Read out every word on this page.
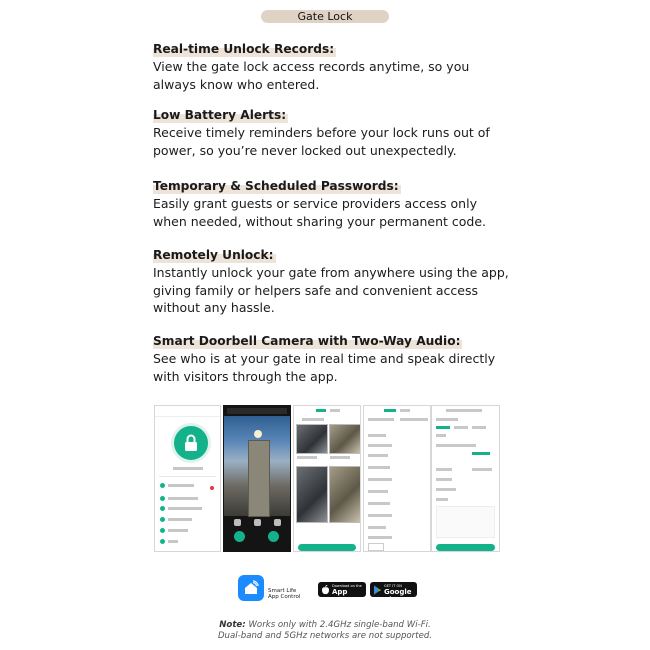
Gate Lock
Real-time Unlock Records:
View the gate lock access records anytime, so you always know who entered.
Low Battery Alerts:
Receive timely reminders before your lock runs out of power, so you’re never locked out unexpectedly.
Temporary & Scheduled Passwords:
Easily grant guests or service providers access only when needed, without sharing your permanent code.
Remotely Unlock:
Instantly unlock your gate from anywhere using the app, giving family or helpers safe and convenient access without any hassle.
Smart Doorbell Camera with Two-Way Audio:
See who is at your gate in real time and speak directly with visitors through the app.
Smart Life
App Control
Download on the
App Store
GET IT ON
Google Play
Note: Works only with 2.4GHz single-band Wi-Fi.
Dual-band and 5GHz networks are not supported.
